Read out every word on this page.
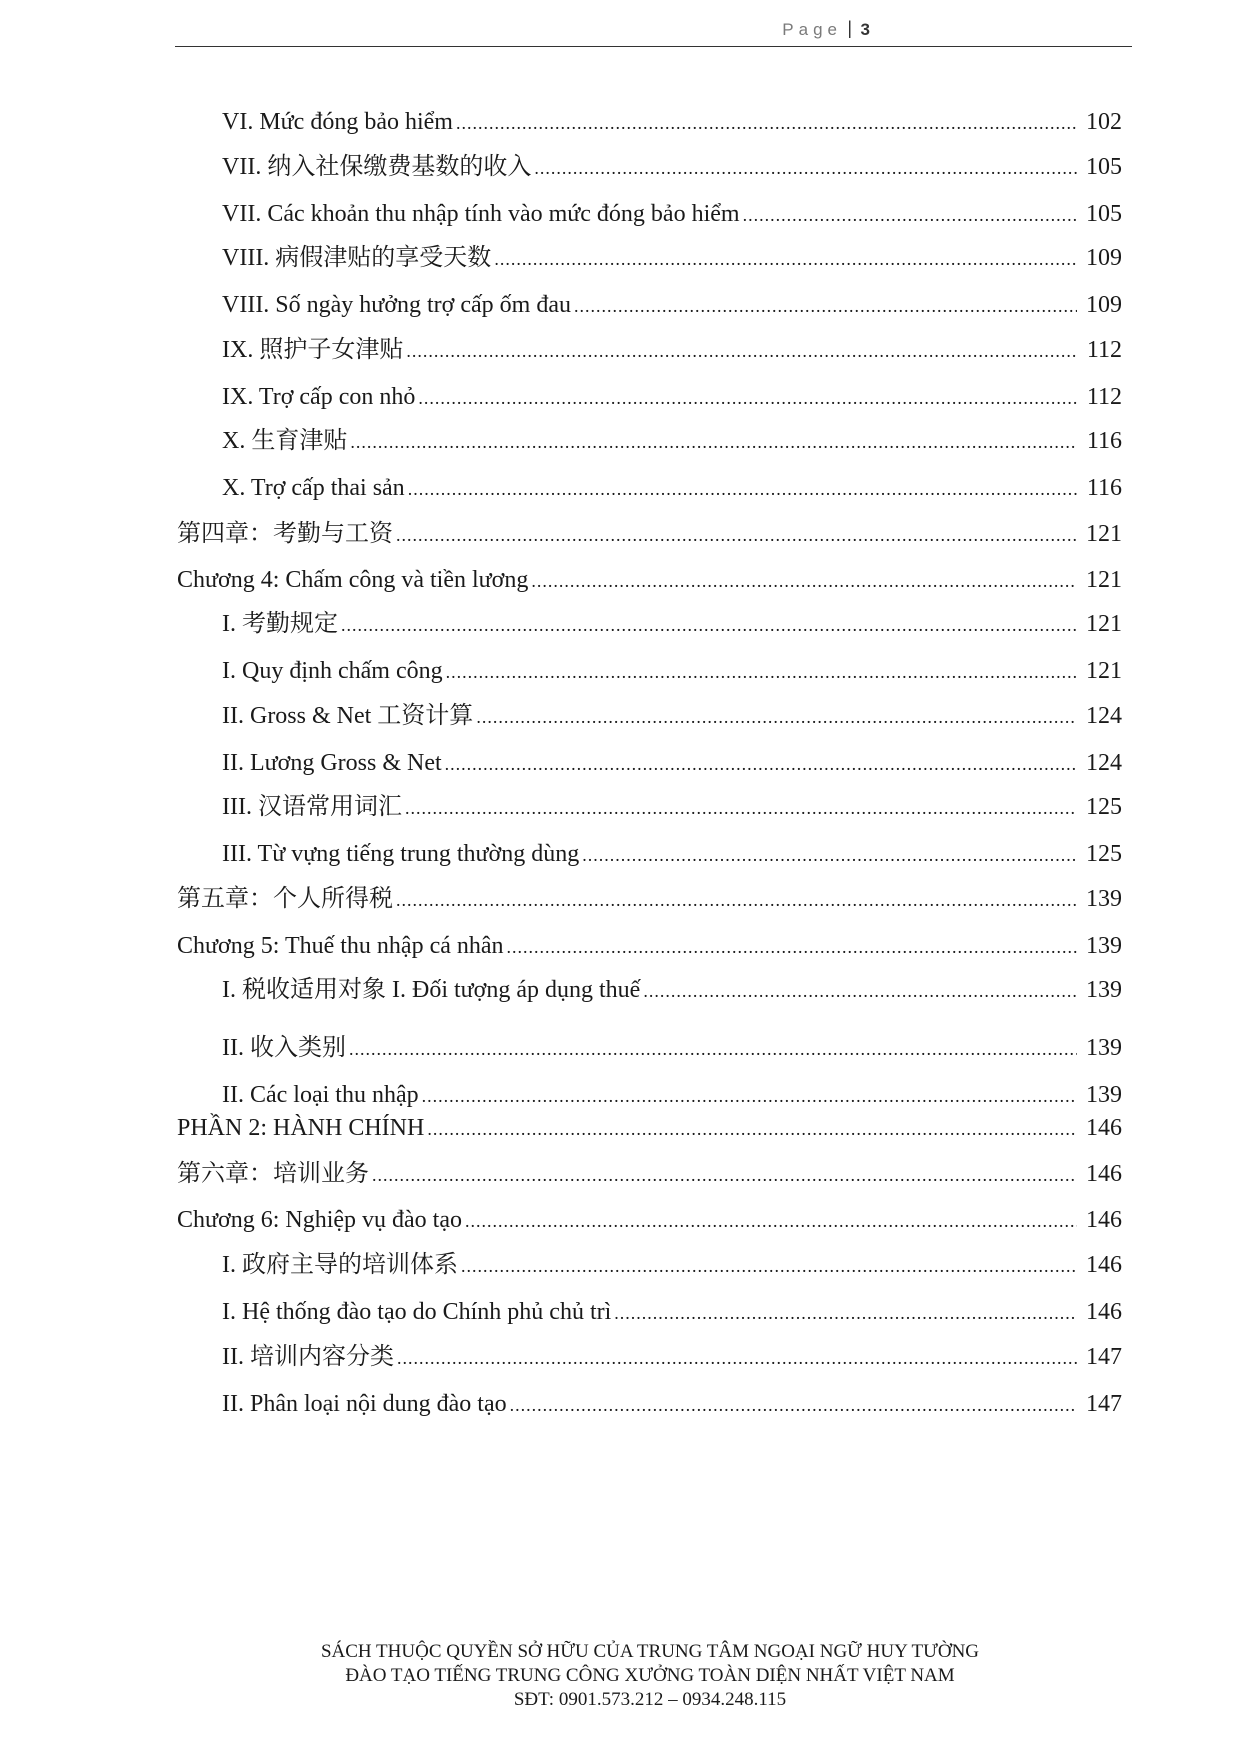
Page | 3
VI. Mức đóng bảo hiểm .....	102
VII. 纳入社保缴费基数的收入 .....	105
VII. Các khoản thu nhập tính vào mức đóng bảo hiểm .....	105
VIII. 病假津贴的享受天数 .....	109
VIII. Số ngày hưởng trợ cấp ốm đau .....	109
IX. 照护子女津贴 .....	112
IX. Trợ cấp con nhỏ .....	112
X. 生育津贴 .....	116
X. Trợ cấp thai sản .....	116
第四章：考勤与工资 .....	121
Chương 4: Chấm công và tiền lương .....	121
I. 考勤规定 .....	121
I. Quy định chấm công .....	121
II. Gross & Net 工资计算 .....	124
II. Lương Gross & Net .....	124
III. 汉语常用词汇 .....	125
III. Từ vựng tiếng trung thường dùng .....	125
第五章：个人所得税 .....	139
Chương 5: Thuế thu nhập cá nhân .....	139
I. 税收适用对象 I. Đối tượng áp dụng thuế .....	139
II. 收入类别 .....	139
II. Các loại thu nhập .....	139
PHẦN 2: HÀNH CHÍNH .....	146
第六章：培训业务 .....	146
Chương 6: Nghiệp vụ đào tạo .....	146
I. 政府主导的培训体系 .....	146
I. Hệ thống đào tạo do Chính phủ chủ trì .....	146
II. 培训内容分类 .....	147
II. Phân loại nội dung đào tạo .....	147
SÁCH THUỘC QUYỀN SỞ HỮU CỦA TRUNG TÂM NGOẠI NGỮ HUY TƯỜNG
ĐÀO TẠO TIẾNG TRUNG CÔNG XƯỞNG TOÀN DIỆN NHẤT VIỆT NAM
SĐT: 0901.573.212 – 0934.248.115
